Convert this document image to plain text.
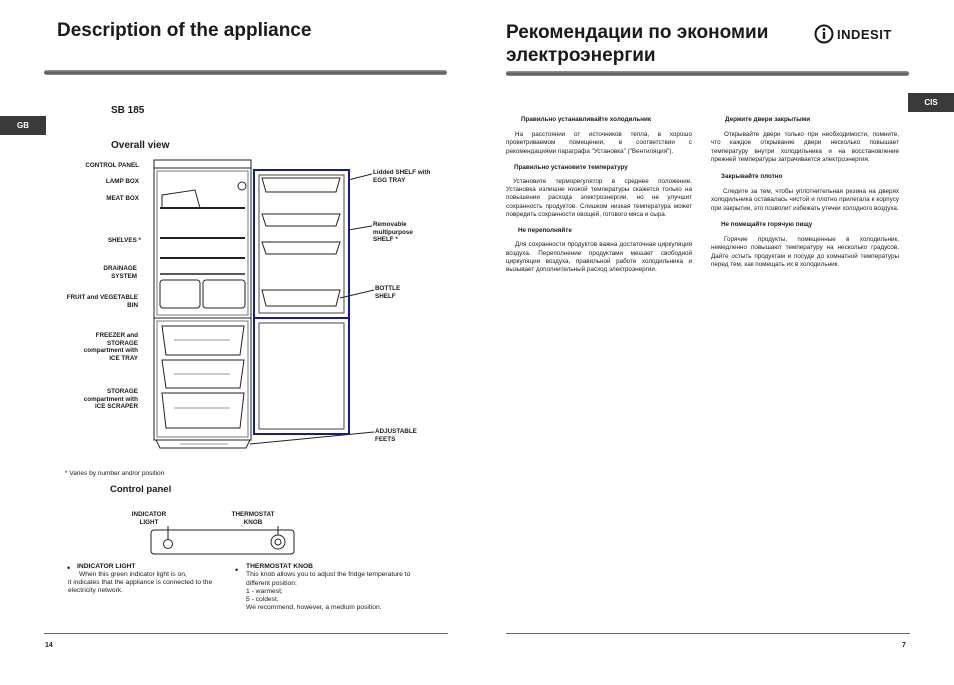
Description of the appliance
GB
SB 185
Overall view
CONTROL PANEL
LAMP BOX
MEAT BOX
SHELVES *
DRAINAGE SYSTEM
FRUIT and VEGETABLE BIN
FREEZER and STORAGE compartment with ICE TRAY
STORAGE compartment with ICE SCRAPER
Lidded SHELF with EGG TRAY
Removable multipurpose SHELF *
BOTTLE SHELF
ADJUSTABLE FEETS
* Varies by number and/or position
Control panel
INDICATOR LIGHT
THERMOSTAT KNOB
• INDICATOR LIGHT
When this green indicator light is on,
it indicates that the appliance is connected to the electricity network.
• THERMOSTAT KNOB
This knob allows you to adjust the fridge temperature to different position:
1 - warmest;
5 - coldest.
We recommend, however, a medium position.
14
Рекомендации по экономии
электроэнергии
INDESIT
CIS
Правильно устанавливайте холодильник
На расстоянии от источников тепла, в хорошо проветриваемом помещении, в соответствии с рекомендациями параграфа "Установка" ("Вентиляция").
Правильно установите температуру
Установите терморегулятор в среднее положение. Установка излишне низкой температуры скажется только на повышении расхода электроэнергии, но не улучшит сохранность продуктов. Слишком низкая температура может повредить сохранности овощей, готового мяса и сыра.
Не переполняйте
Для сохранности продуктов важна достаточная циркуляция воздуха. Переполнение продуктами мешает свободной циркуляции воздуха, правильной работе холодильника и вызывает дополнительный расход электроэнергии.
Держите двери закрытыми
Открывайте двери только при необходимости, помните, что каждое открывание двери несколько повышает температуру внутри холодильника и на восстановление прежней температуры затрачивается электроэнергия.
Закрывайте плотно
Следите за тем, чтобы уплотнительная резина на дверях холодильника оставалась чистой и плотно прилегала к корпусу при закрытии, это позволит избежать утечки холодного воздуха.
Не помещайте горячую пищу
Горячие продукты, помещенные в холодильник, немедленно повышают температуру на несколько градусов. Дайте остыть продуктам и посуде до комнатной температуры перед тем, как помещать их в холодильник.
7
